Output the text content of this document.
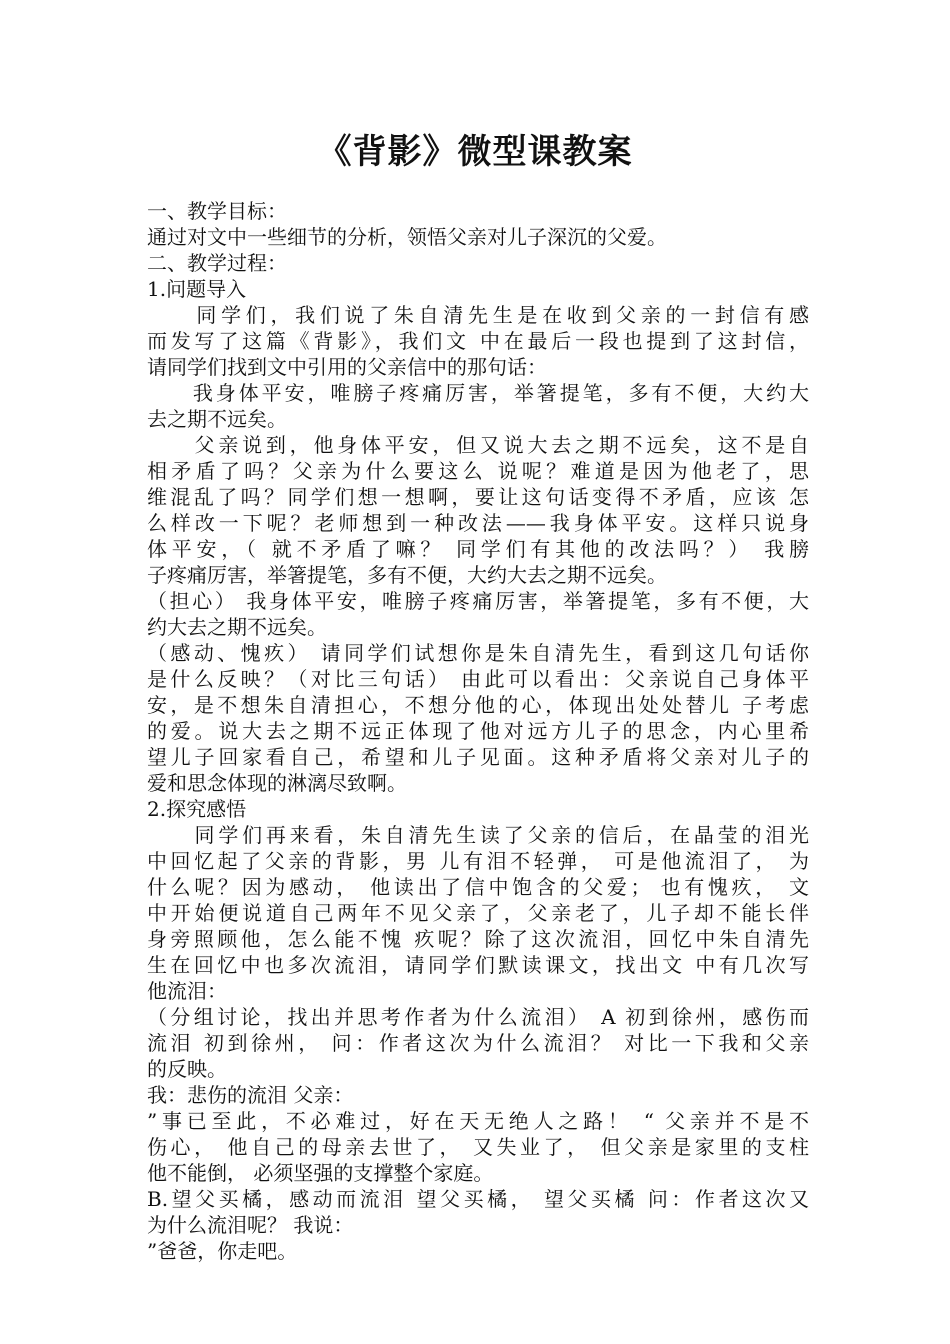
《背影》微型课教案
一、教学目标：
通过对文中一些细节的分析，领悟父亲对儿子深沉的父爱。
二、教学过程：
1.问题导入
　　同学们，我们说了朱自清先生是在收到父亲的一封信有感
而发写了这篇《背影》，我们文 中在最后一段也提到了这封信，
请同学们找到文中引用的父亲信中的那句话：
　　我身体平安，唯膀子疼痛厉害，举箸提笔，多有不便，大约大
去之期不远矣。
　　父亲说到，他身体平安，但又说大去之期不远矣，这不是自
相矛盾了吗？父亲为什么要这么 说呢？难道是因为他老了，思
维混乱了吗？同学们想一想啊，要让这句话变得不矛盾，应该 怎
么样改一下呢？老师想到一种改法——我身体平安。这样只说身
体平安，（ 就不矛盾了嘛？ 同学们有其他的改法吗？） 我膀
子疼痛厉害，举箸提笔，多有不便，大约大去之期不远矣。
（担心） 我身体平安，唯膀子疼痛厉害，举箸提笔，多有不便，大
约大去之期不远矣。
（感动、愧疚） 请同学们试想你是朱自清先生，看到这几句话你
是什么反映？（对比三句话） 由此可以看出：父亲说自己身体平
安，是不想朱自清担心，不想分他的心，体现出处处替儿 子考虑
的爱。说大去之期不远正体现了他对远方儿子的思念，内心里希
望儿子回家看自己，希望和儿子见面。这种矛盾将父亲对儿子的
爱和思念体现的淋漓尽致啊。
2.探究感悟
　　同学们再来看，朱自清先生读了父亲的信后，在晶莹的泪光
中回忆起了父亲的背影，男 儿有泪不轻弹， 可是他流泪了， 为
什么呢？因为感动， 他读出了信中饱含的父爱； 也有愧疚， 文
中开始便说道自己两年不见父亲了，父亲老了，儿子却不能长伴
身旁照顾他，怎么能不愧 疚呢？除了这次流泪，回忆中朱自清先
生在回忆中也多次流泪，请同学们默读课文，找出文 中有几次写
他流泪：
（分组讨论，找出并思考作者为什么流泪） A 初到徐州，感伤而
流泪 初到徐州， 问：作者这次为什么流泪？ 对比一下我和父亲
的反映。
我：悲伤的流泪 父亲：
”事已至此，不必难过，好在天无绝人之路！ “ 父亲并不是不
伤心， 他自己的母亲去世了， 又失业了， 但父亲是家里的支柱
他不能倒， 必须坚强的支撑整个家庭。
B.望父买橘，感动而流泪 望父买橘， 望父买橘 问：作者这次又
为什么流泪呢？ 我说：
”爸爸，你走吧。
